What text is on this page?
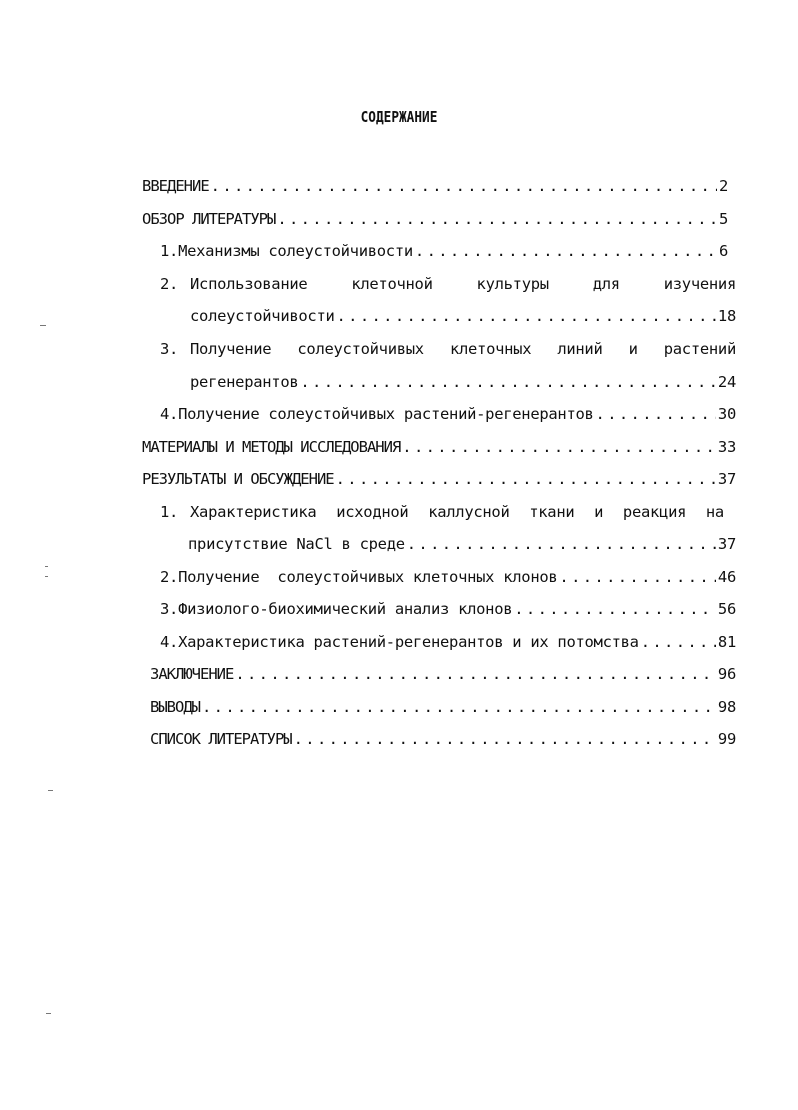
СОДЕРЖАНИЕ
ВВЕДЕНИЕ . . .	2
ОБЗОР ЛИТЕРАТУРЫ . . .	5
1. Механизмы солеустойчивости . . .	6
2. Использование	клеточной	культуры	для	изучения
солеустойчивости . . .	18
3. Получение солеустойчивых клеточных линий и растений
регенерантов . . .	24
4. Получение солеустойчивых растений-регенерантов . . .	30
МАТЕРИАЛЫ И МЕТОДЫ ИССЛЕДОВАНИЯ . . .	33
РЕЗУЛЬТАТЫ И ОБСУЖДЕНИЕ . . .	37
1. Характеристика исходной каллусной ткани и реакция на
присутствие NaCl в среде . . .	37
2. Получение  солеустойчивых клеточных клонов . . .	46
3. Физиолого-биохимический анализ клонов . . .	56
4. Характеристика растений-регенерантов и их потомства . . .	81
ЗАКЛЮЧЕНИЕ . . .	96
ВЫВОДЫ . . .	98
СПИСОК ЛИТЕРАТУРЫ . . .	99
